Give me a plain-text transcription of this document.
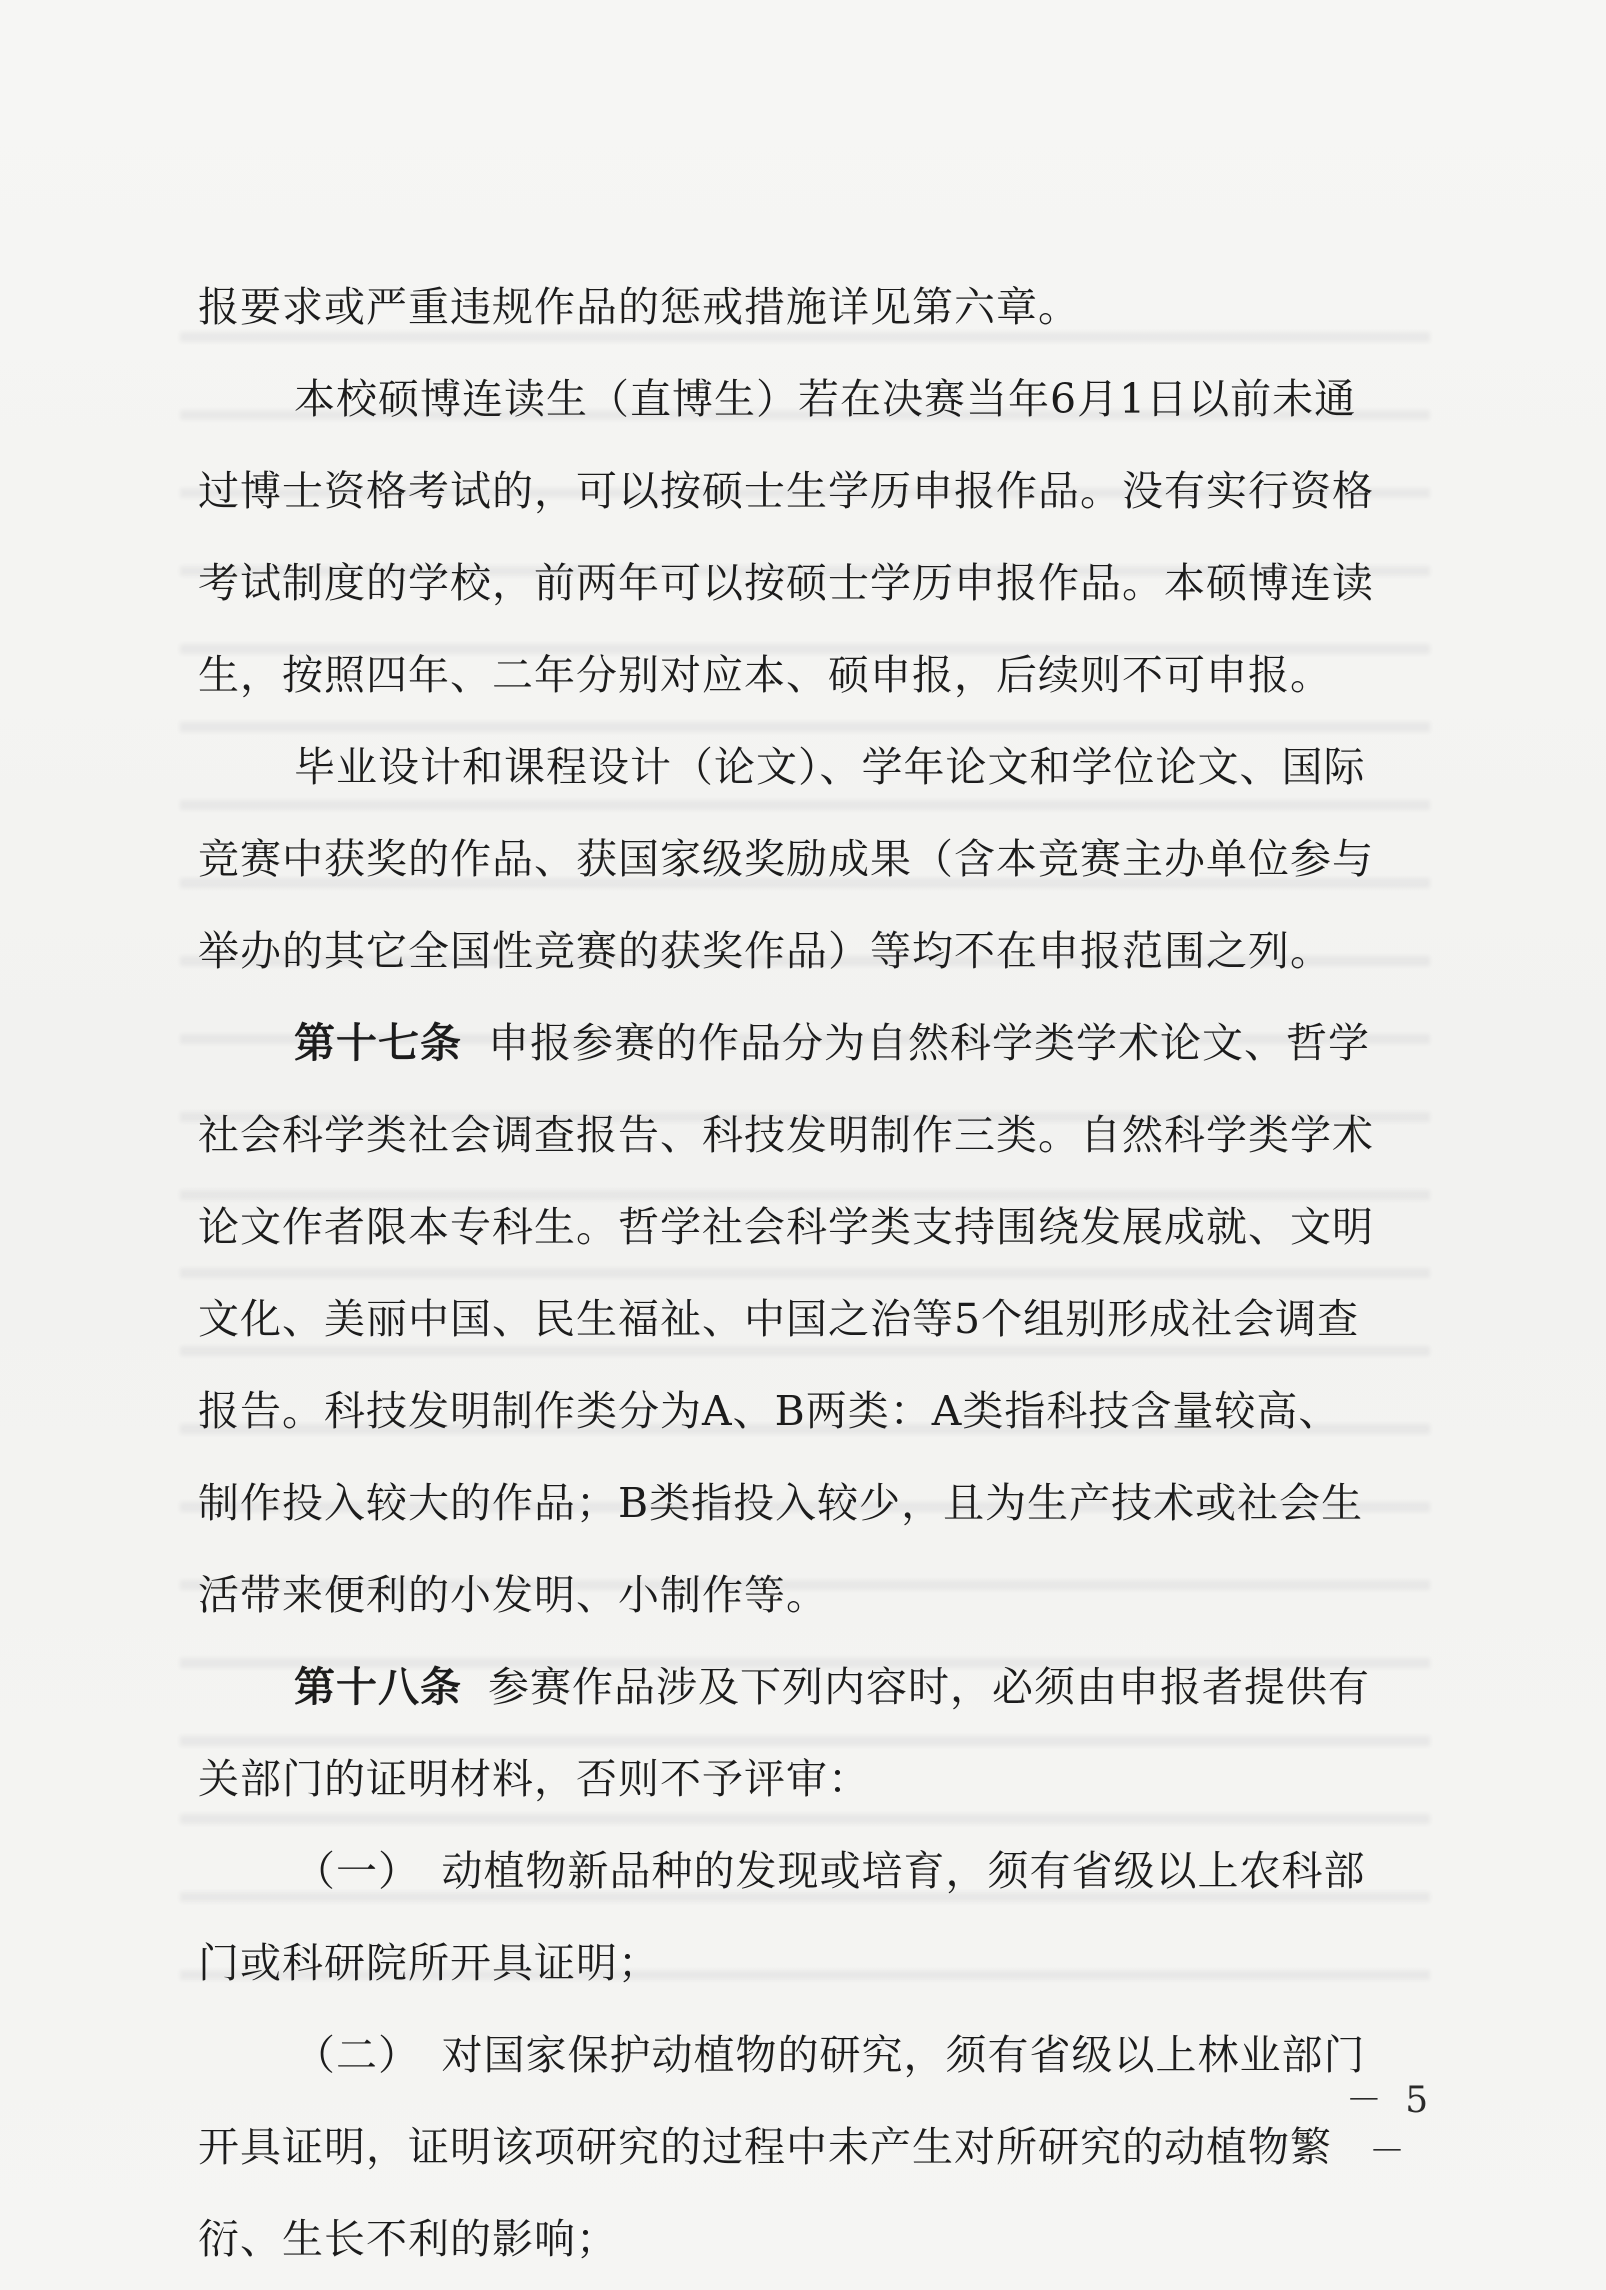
报要求或严重违规作品的惩戒措施详见第六章。
本校硕博连读生（直博生）若在决赛当年6月1日以前未通
过博士资格考试的，可以按硕士生学历申报作品。没有实行资格
考试制度的学校，前两年可以按硕士学历申报作品。本硕博连读
生，按照四年、二年分别对应本、硕申报，后续则不可申报。
毕业设计和课程设计（论文）、学年论文和学位论文、国际
竞赛中获奖的作品、获国家级奖励成果（含本竞赛主办单位参与
举办的其它全国性竞赛的获奖作品）等均不在申报范围之列。
第十七条 申报参赛的作品分为自然科学类学术论文、哲学
社会科学类社会调查报告、科技发明制作三类。自然科学类学术
论文作者限本专科生。哲学社会科学类支持围绕发展成就、文明
文化、美丽中国、民生福祉、中国之治等5个组别形成社会调查
报告。科技发明制作类分为A、B两类：A类指科技含量较高、
制作投入较大的作品；B类指投入较少，且为生产技术或社会生
活带来便利的小发明、小制作等。
第十八条 参赛作品涉及下列内容时，必须由申报者提供有
关部门的证明材料，否则不予评审：
（一）　动植物新品种的发现或培育，须有省级以上农科部
门或科研院所开具证明；
（二）　对国家保护动植物的研究，须有省级以上林业部门
开具证明，证明该项研究的过程中未产生对所研究的动植物繁
衍、生长不利的影响；
－ 5 －
